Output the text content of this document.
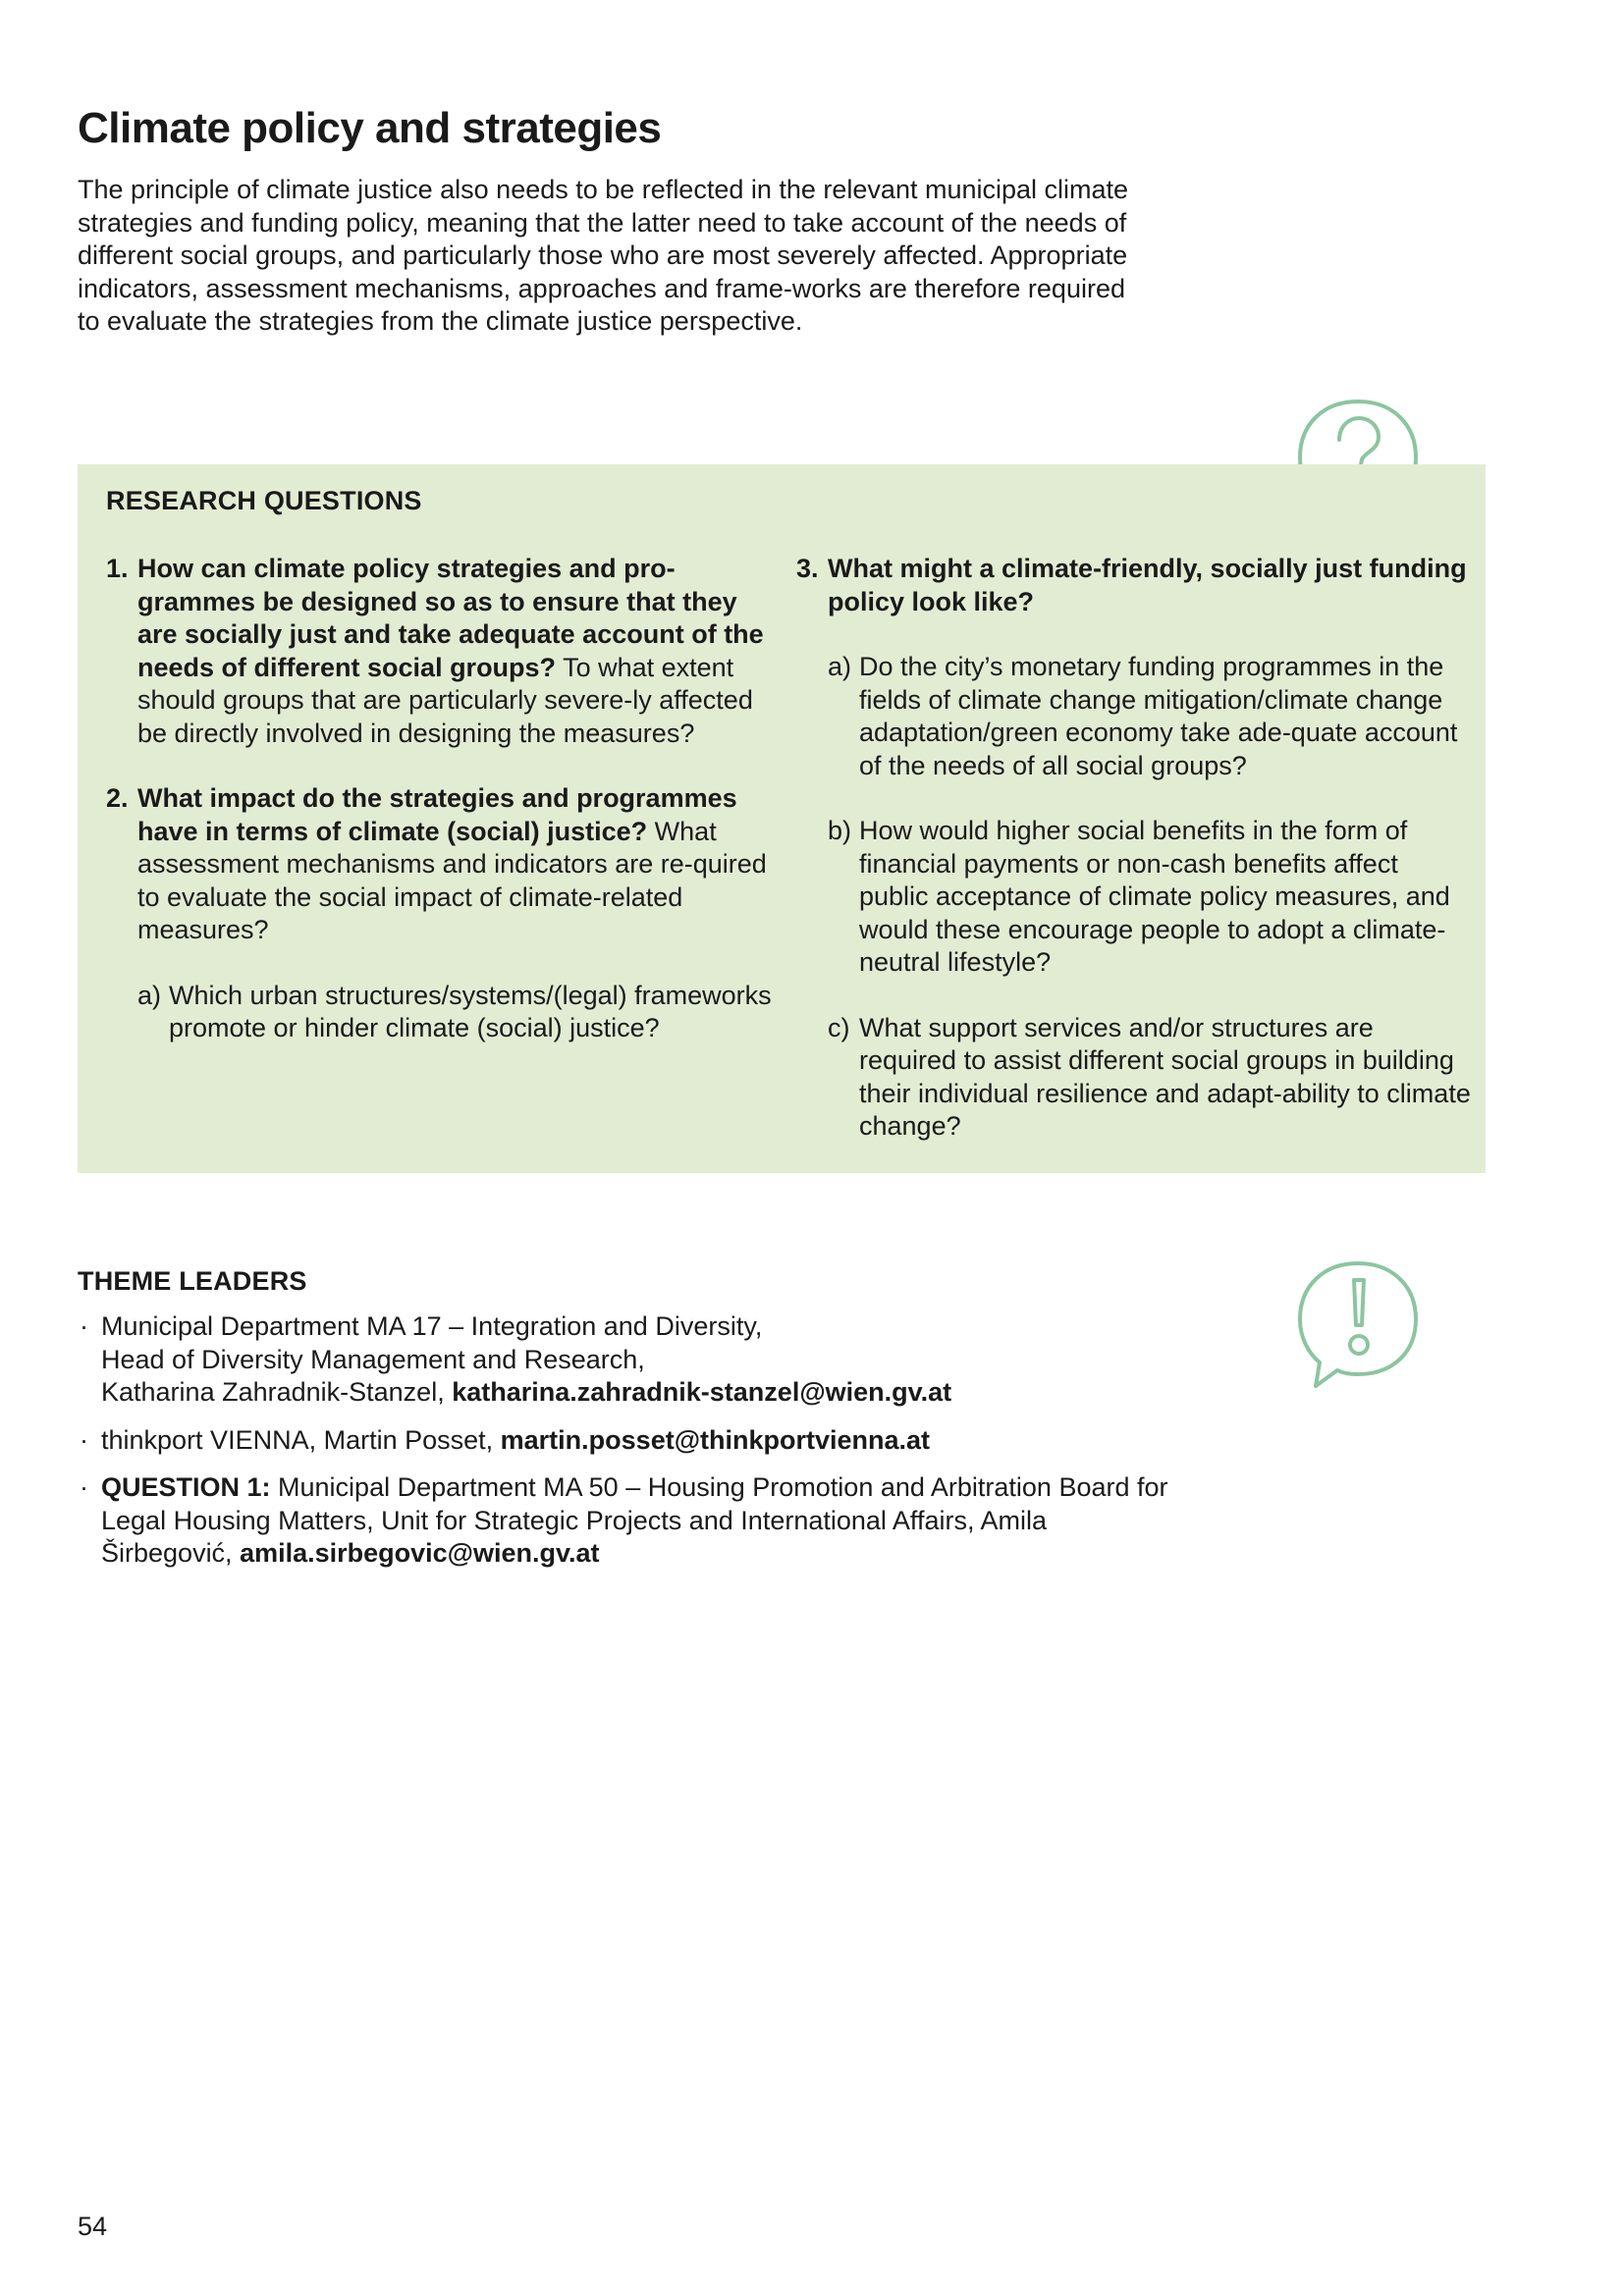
Climate policy and strategies

The principle of climate justice also needs to be reflected in the relevant municipal climate strategies and funding policy, meaning that the latter need to take account of the needs of different social groups, and particularly those who are most severely affected. Appropriate indicators, assessment mechanisms, approaches and frame-works are therefore required to evaluate the strategies from the climate justice perspective.

RESEARCH QUESTIONS
1. How can climate policy strategies and pro-grammes be designed so as to ensure that they are socially just and take adequate account of the needs of different social groups? To what extent should groups that are particularly severe-ly affected be directly involved in designing the measures?
2. What impact do the strategies and programmes have in terms of climate (social) justice? What assessment mechanisms and indicators are re-quired to evaluate the social impact of climate-related measures?
a) Which urban structures/systems/(legal) frameworks promote or hinder climate (social) justice?
3. What might a climate-friendly, socially just funding policy look like?
a) Do the city’s monetary funding programmes in the fields of climate change mitigation/climate change adaptation/green economy take ade-quate account of the needs of all social groups?
b) How would higher social benefits in the form of financial payments or non-cash benefits affect public acceptance of climate policy measures, and would these encourage people to adopt a climate-neutral lifestyle?
c) What support services and/or structures are required to assist different social groups in building their individual resilience and adapt-ability to climate change?
THEME LEADERS
· Municipal Department MA 17 – Integration and Diversity,
Head of Diversity Management and Research,
Katharina Zahradnik-Stanzel, katharina.zahradnik-stanzel@wien.gv.at
· thinkport VIENNA, Martin Posset, martin.posset@thinkportvienna.at
· QUESTION 1: Municipal Department MA 50 – Housing Promotion and Arbitration Board for Legal Housing Matters, Unit for Strategic Projects and International Affairs, Amila Širbegović, amila.sirbegovic@wien.gv.at
54
